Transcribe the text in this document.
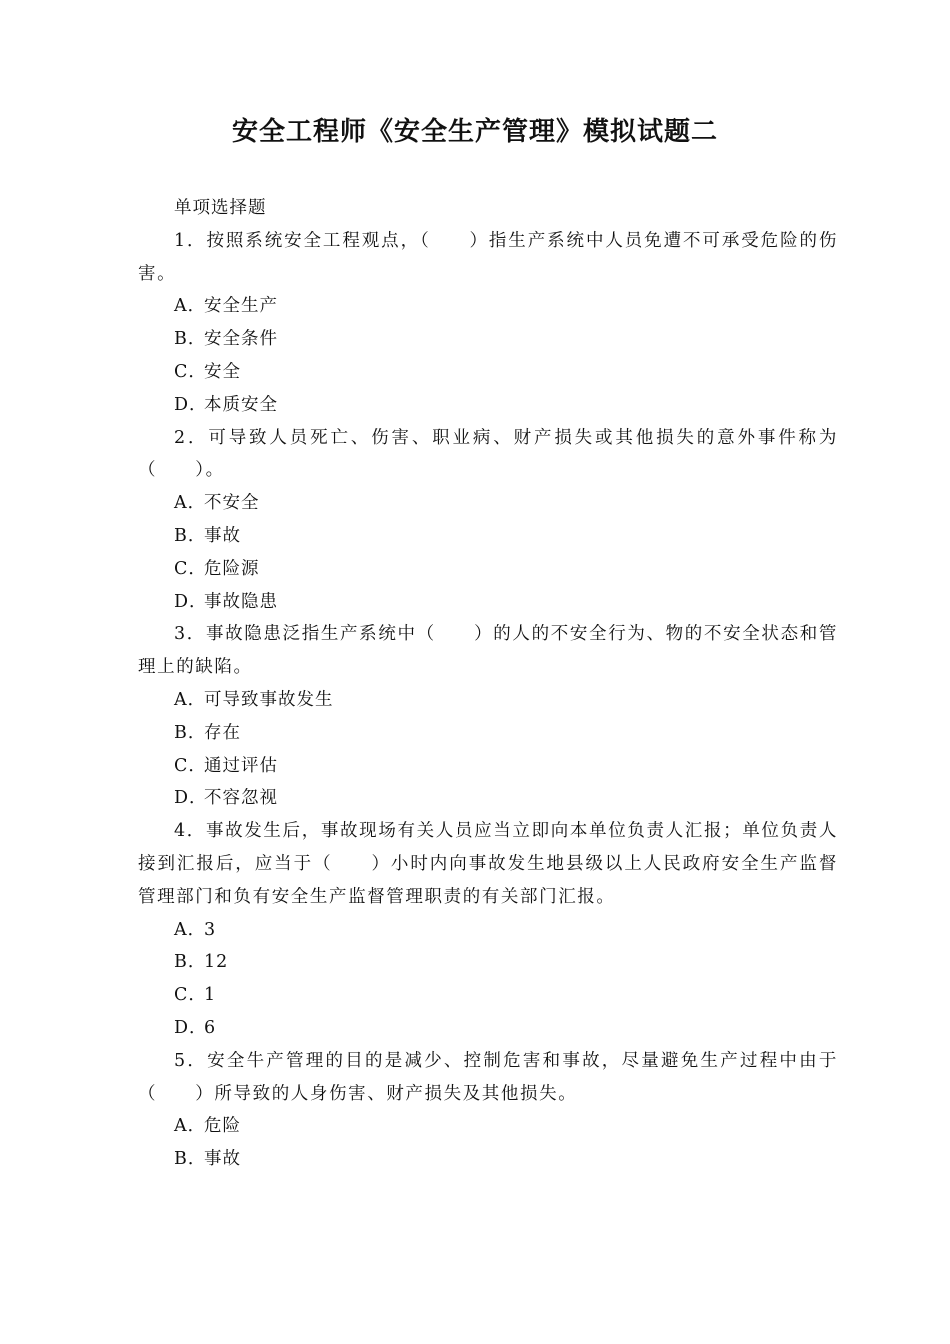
安全工程师《安全生产管理》模拟试题二
单项选择题
1．按照系统安全工程观点，（　　）指生产系统中人员免遭不可承受危险的伤害。
A．安全生产
B．安全条件
C．安全
D．本质安全
2．可导致人员死亡、伤害、职业病、财产损失或其他损失的意外事件称为（　　）。
A．不安全
B．事故
C．危险源
D．事故隐患
3．事故隐患泛指生产系统中（　　）的人的不安全行为、物的不安全状态和管理上的缺陷。
A．可导致事故发生
B．存在
C．通过评估
D．不容忽视
4．事故发生后，事故现场有关人员应当立即向本单位负责人汇报；单位负责人接到汇报后，应当于（　　）小时内向事故发生地县级以上人民政府安全生产监督管理部门和负有安全生产监督管理职责的有关部门汇报。
A．3
B．12
C．1
D．6
5．安全牛产管理的目的是减少、控制危害和事故，尽量避免生产过程中由于（　　）所导致的人身伤害、财产损失及其他损失。
A．危险
B．事故
